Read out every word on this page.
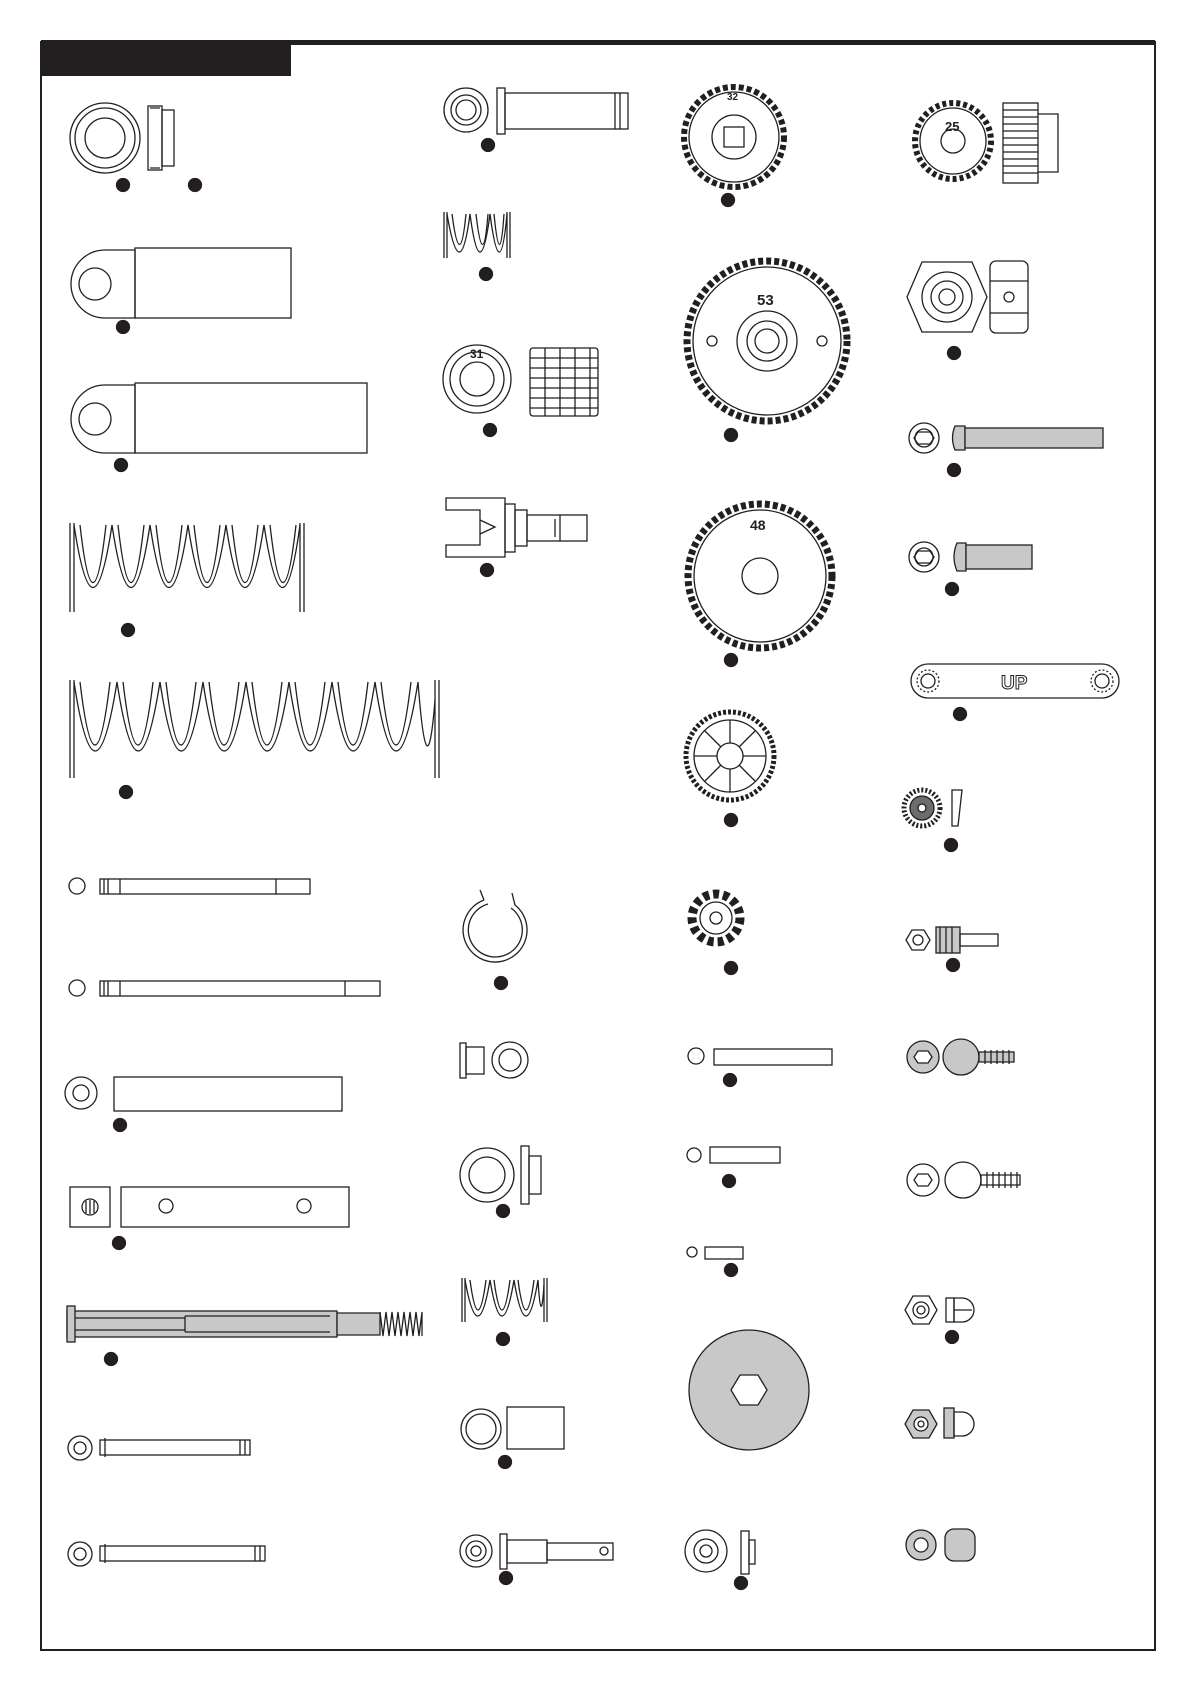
31
32
53
48
25
UP
